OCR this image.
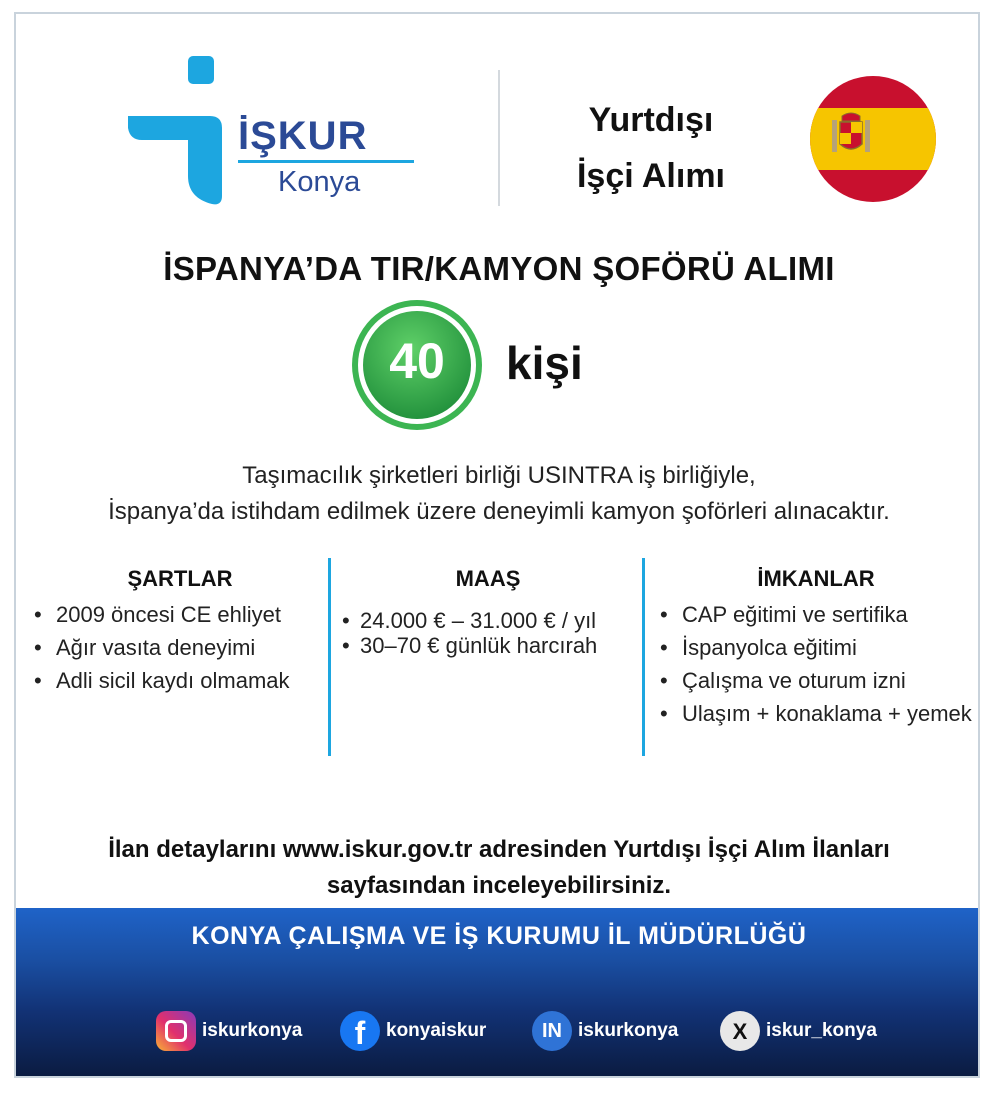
İŞKUR
Konya
Yurtdışı
İşçi Alımı
İSPANYA’DA TIR/KAMYON ŞOFÖRÜ ALIMI
40	kişi
Taşımacılık şirketleri birliği USINTRA iş birliğiyle,
İspanya’da istihdam edilmek üzere deneyimli kamyon şoförleri alınacaktır.
ŞARTLAR
• 2009 öncesi CE ehliyet
• Ağır vasıta deneyimi
• Adli sicil kaydı olmamak
MAAŞ
• 24.000 € – 31.000 € / yıl
• 30–70 € günlük harcırah
İMKANLAR
• CAP eğitimi ve sertifika
• İspanyolca eğitimi
• Çalışma ve oturum izni
• Ulaşım + konaklama + yemek
İlan detaylarını www.iskur.gov.tr adresinden Yurtdışı İşçi Alım İlanları
sayfasından inceleyebilirsiniz.
KONYA ÇALIŞMA VE İŞ KURUMU İL MÜDÜRLÜĞÜ
iskurkonya	f	konyaiskur	IN iskurkonya	X iskur_konya
